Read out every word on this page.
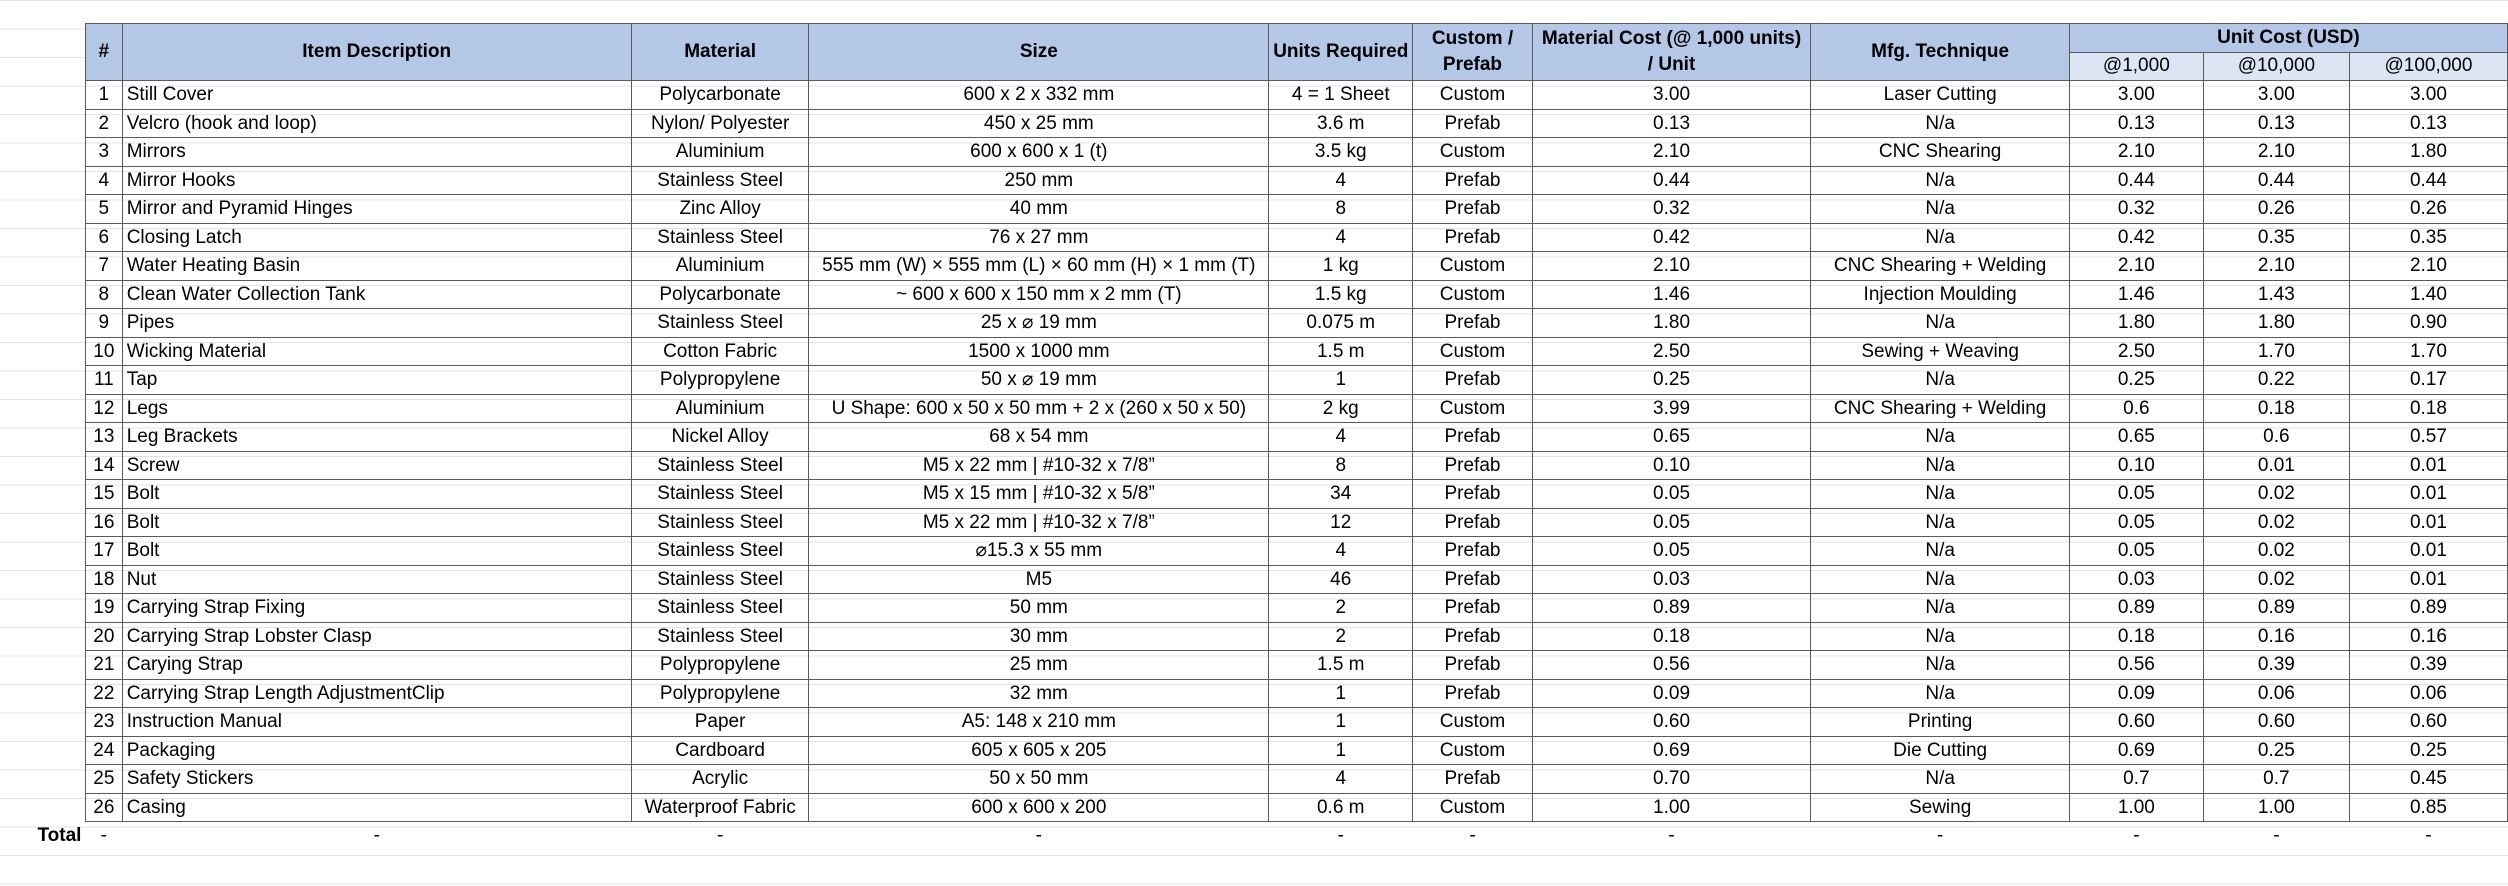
	#	Item Description	Material	Size	Units Required	Custom / Prefab	Material Cost (@ 1,000 units) / Unit	Mfg. Technique	Unit Cost (USD)		
									@1,000	@10,000	@100,000
	1	Still Cover	Polycarbonate	600 x 2 x 332 mm	4 = 1 Sheet	Custom	3.00	Laser Cutting	3.00	3.00	3.00
	2	Velcro (hook and loop)	Nylon/ Polyester	450 x 25 mm	3.6 m	Prefab	0.13	N/a	0.13	0.13	0.13
	3	Mirrors	Aluminium	600 x 600 x 1 (t)	3.5 kg	Custom	2.10	CNC Shearing	2.10	2.10	1.80
	4	Mirror Hooks	Stainless Steel	250 mm	4	Prefab	0.44	N/a	0.44	0.44	0.44
	5	Mirror and Pyramid Hinges	Zinc Alloy	40 mm	8	Prefab	0.32	N/a	0.32	0.26	0.26
	6	Closing Latch	Stainless Steel	76 x 27 mm	4	Prefab	0.42	N/a	0.42	0.35	0.35
	7	Water Heating Basin	Aluminium	555 mm (W) × 555 mm (L) × 60 mm (H) × 1 mm (T)	1 kg	Custom	2.10	CNC Shearing + Welding	2.10	2.10	2.10
	8	Clean Water Collection Tank	Polycarbonate	~ 600 x 600 x 150 mm x 2 mm (T)	1.5 kg	Custom	1.46	Injection Moulding	1.46	1.43	1.40
	9	Pipes	Stainless Steel	25 x ⌀ 19 mm	0.075 m	Prefab	1.80	N/a	1.80	1.80	0.90
	10	Wicking Material	Cotton Fabric	1500 x 1000 mm	1.5 m	Custom	2.50	Sewing + Weaving	2.50	1.70	1.70
	11	Tap	Polypropylene	50 x ⌀ 19 mm	1	Prefab	0.25	N/a	0.25	0.22	0.17
	12	Legs	Aluminium	U Shape: 600 x 50 x 50 mm + 2 x (260 x 50 x 50)	2 kg	Custom	3.99	CNC Shearing + Welding	0.6	0.18	0.18
	13	Leg Brackets	Nickel Alloy	68 x 54 mm	4	Prefab	0.65	N/a	0.65	0.6	0.57
	14	Screw	Stainless Steel	M5 x 22 mm | #10-32 x 7/8”	8	Prefab	0.10	N/a	0.10	0.01	0.01
	15	Bolt	Stainless Steel	M5 x 15 mm | #10-32 x 5/8”	34	Prefab	0.05	N/a	0.05	0.02	0.01
	16	Bolt	Stainless Steel	M5 x 22 mm | #10-32 x 7/8”	12	Prefab	0.05	N/a	0.05	0.02	0.01
	17	Bolt	Stainless Steel	⌀15.3 x 55 mm	4	Prefab	0.05	N/a	0.05	0.02	0.01
	18	Nut	Stainless Steel	M5	46	Prefab	0.03	N/a	0.03	0.02	0.01
	19	Carrying Strap Fixing	Stainless Steel	50 mm	2	Prefab	0.89	N/a	0.89	0.89	0.89
	20	Carrying Strap Lobster Clasp	Stainless Steel	30 mm	2	Prefab	0.18	N/a	0.18	0.16	0.16
	21	Carying Strap	Polypropylene	25 mm	1.5 m	Prefab	0.56	N/a	0.56	0.39	0.39
	22	Carrying Strap Length AdjustmentClip	Polypropylene	32 mm	1	Prefab	0.09	N/a	0.09	0.06	0.06
	23	Instruction Manual	Paper	A5: 148 x 210 mm	1	Custom	0.60	Printing	0.60	0.60	0.60
	24	Packaging	Cardboard	605 x 605 x 205	1	Custom	0.69	Die Cutting	0.69	0.25	0.25
	25	Safety Stickers	Acrylic	50 x 50 mm	4	Prefab	0.70	N/a	0.7	0.7	0.45
	26	Casing	Waterproof Fabric	600 x 600 x 200	0.6 m	Custom	1.00	Sewing	1.00	1.00	0.85
Total	-	-	-	-	-	-	-	-	-	-	-
